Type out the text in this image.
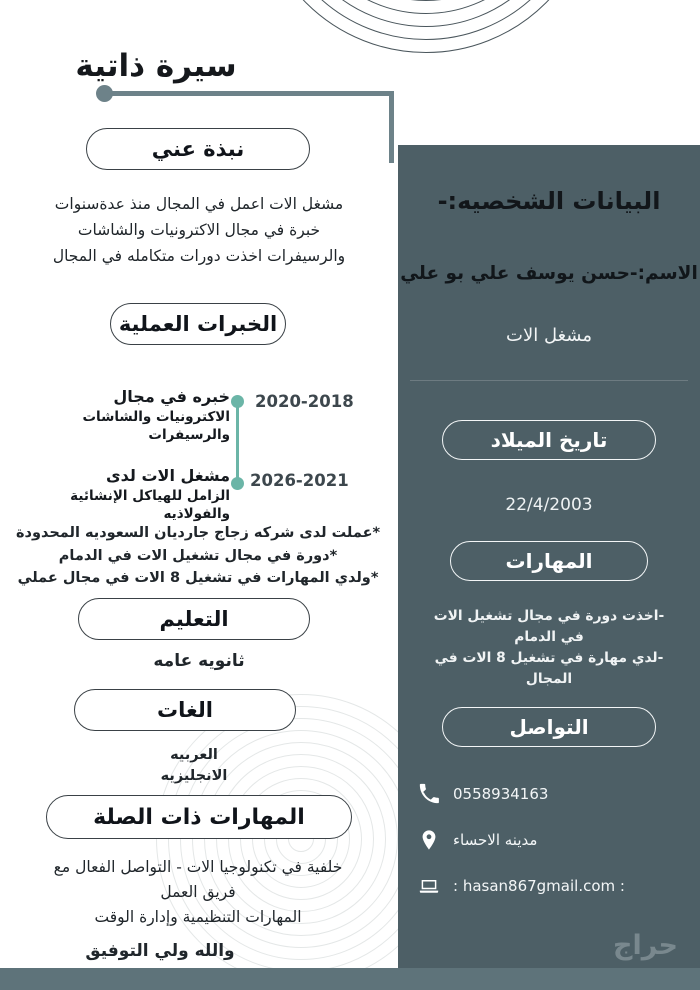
سيرة ذاتية
نبذة عني
مشغل الات اعمل في المجال منذ عدةسنوات
خبرة في مجال الاكترونيات والشاشات
والرسيفرات اخذت دورات متكامله في المجال
الخبرات العملية
2020-2018
خبره في مجال
الاكترونيات والشاشات والرسيفرات
2026-2021
مشغل الات لدى
الزامل للهياكل الإنشائية والفولاذيه
*عملت لدى شركه زجاج جارديان السعوديه المحدودة
*دورة في مجال تشغيل الات في الدمام
*ولدي المهارات في تشغيل 8 الات في مجال عملي
التعليم
ثانويه عامه
الغات
العربيه
الانجليزيه
المهارات ذات الصلة
خلفية في تكنولوجيا الات - التواصل الفعال مع
فريق العمل
المهارات التنظيمية وإدارة الوقت
والله ولي التوفيق
البيانات الشخصيه:-
الاسم:-حسن يوسف علي بو علي
مشغل الات
تاريخ الميلاد
22/4/2003
المهارات
-اخذت دورة في مجال تشغيل الات
في الدمام
-لدي مهارة في تشغيل 8 الات في المجال
التواصل
0558934163
مدينه الاحساء
: hasan867gmail.com :
حراج
